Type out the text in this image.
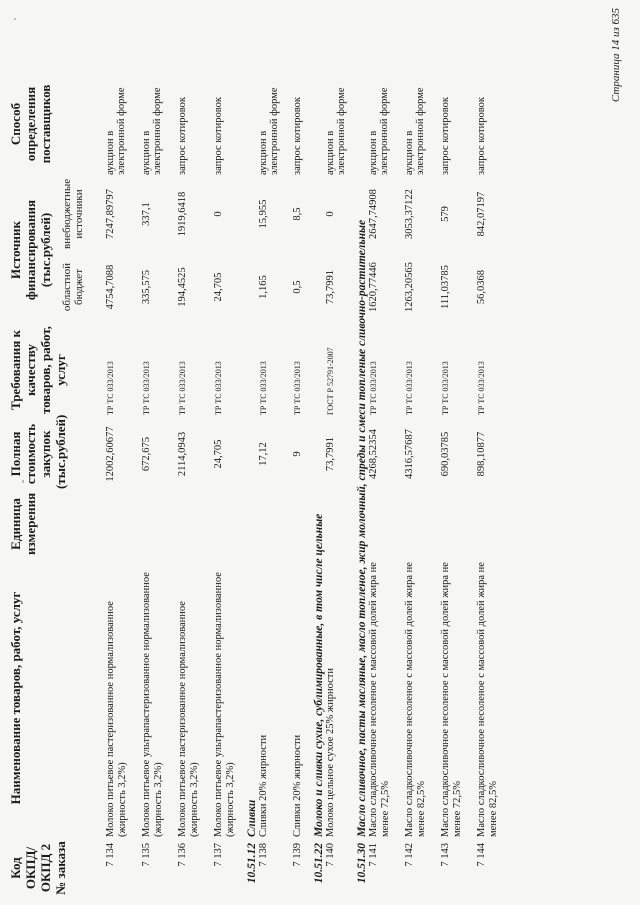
Код ОКПД/ ОКПД 2 № заказа	Наименование товаров, работ, услуг	Единица измерения	Полная стоимость закупок (тыс.рублей)	Требования к качеству товаров, работ, услуг	Источник финансирования (тыс.рублей)		Способ определения поставщиков
					областной бюджет	внебюджетные источники	
7 134	Молоко питьевое пастеризованное нормализованное (жирность 3,2%)		12002,60677	ТР ТС 033/2013	4754,7088	7247,89797	аукцион в электронной форме
7 135	Молоко питьевое ультрапастеризованное нормализованное (жирность 3,2%)		672,675	ТР ТС 033/2013	335,575	337,1	аукцион в электронной форме
7 136	Молоко питьевое пастеризованное нормализованное (жирность 3,2%)		2114,0943	ТР ТС 033/2013	194,4525	1919,6418	запрос котировок
7 137	Молоко питьевое ультрапастеризованное нормализованное (жирность 3,2%)		24,705	ТР ТС 033/2013	24,705	0	запрос котировок
10.51.12	Сливки						
7 138	Сливки 20% жирности		17,12	ТР ТС 033/2013	1,165	15,955	аукцион в электронной форме
7 139	Сливки 20% жирности		9	ТР ТС 033/2013	0,5	8,5	запрос котировок
10.51.22	Молоко и сливки сухие, сублимированные, в том числе цельные						
7 140	Молоко цельное сухое 25% жирности		73,7991	ГОСТ Р 52791-2007	73,7991	0	аукцион в электронной форме
10.51.30	Масло сливочное, пасты масляные, масло топленое, жир молочный, спреды и смеси топленые сливочно-растительные						
7 141	Масло сладкосливочное несоленое с массовой долей жира не менее 72,5%		4268,52354	ТР ТС 033/2013	1620,77446	2647,74908	аукцион в электронной форме
7 142	Масло сладкосливочное несоленое с массовой долей жира не менее 82,5%		4316,57687	ТР ТС 033/2013	1263,20565	3053,37122	аукцион в электронной форме
7 143	Масло сладкосливочное несоленое с массовой долей жира не менее 72,5%		690,03785	ТР ТС 033/2013	111,03785	579	запрос котировок
7 144	Масло сладкосливочное несоленое с массовой долей жира не менее 82,5%		898,10877	ТР ТС 033/2013	56,0368	842,07197	запрос котировок
Страница 14 из 635
